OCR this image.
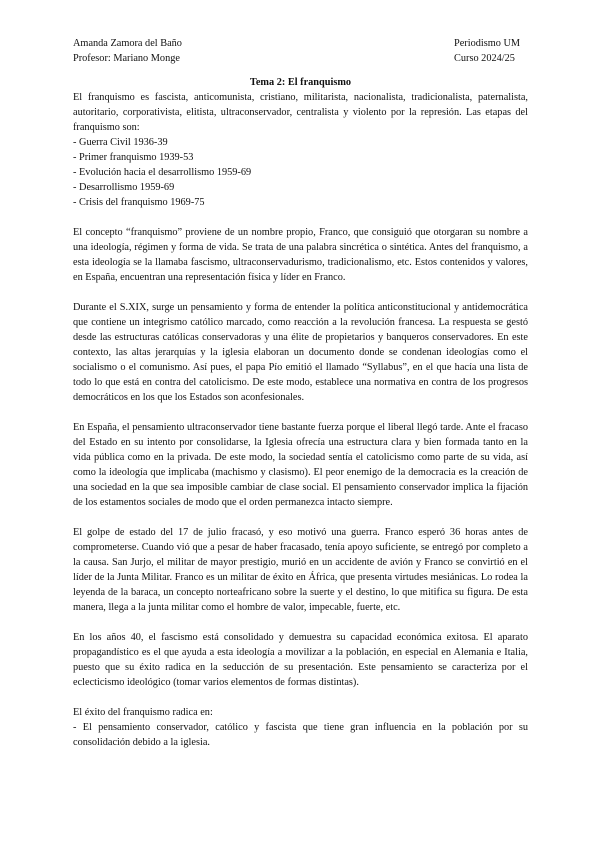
Amanda Zamora del Baño
Profesor: Mariano Monge
Periodismo UM
Curso 2024/25
Tema 2: El franquismo

El franquismo es fascista, anticomunista, cristiano, militarista, nacionalista, tradicionalista, paternalista, autoritario, corporativista, elitista, ultraconservador, centralista y violento por la represión. Las etapas del franquismo son:

- Guerra Civil 1936-39
- Primer franquismo 1939-53
- Evolución hacia el desarrollismo 1959-69
- Desarrollismo 1959-69
- Crisis del franquismo 1969-75

El concepto “franquismo” proviene de un nombre propio, Franco, que consiguió que otorgaran su nombre a una ideología, régimen y forma de vida. Se trata de una palabra sincrética o sintética. Antes del franquismo, a esta ideología se la llamaba fascismo, ultraconservadurismo, tradicionalismo, etc. Estos contenidos y valores, en España, encuentran una representación física y líder en Franco.

Durante el S.XIX, surge un pensamiento y forma de entender la política anticonstitucional y antidemocrática que contiene un integrismo católico marcado, como reacción a la revolución francesa. La respuesta se gestó desde las estructuras católicas conservadoras y una élite de propietarios y banqueros conservadores. En este contexto, las altas jerarquías y la iglesia elaboran un documento donde se condenan ideologías como el socialismo o el comunismo. Así pues, el papa Pío emitió el llamado “Syllabus”, en el que hacía una lista de todo lo que está en contra del catolicismo. De este modo, establece una normativa en contra de los progresos democráticos en los que los Estados son aconfesionales.

En España, el pensamiento ultraconservador tiene bastante fuerza porque el liberal llegó tarde. Ante el fracaso del Estado en su intento por consolidarse, la Iglesia ofrecía una estructura clara y bien formada tanto en la vida pública como en la privada. De este modo, la sociedad sentía el catolicismo como parte de su vida, así como la ideología que implicaba (machismo y clasismo). El peor enemigo de la democracia es la creación de una sociedad en la que sea imposible cambiar de clase social. El pensamiento conservador implica la fijación de los estamentos sociales de modo que el orden permanezca intacto siempre.

El golpe de estado del 17 de julio fracasó, y eso motivó una guerra. Franco esperó 36 horas antes de comprometerse. Cuando vió que a pesar de haber fracasado, tenía apoyo suficiente, se entregó por completo a la causa. San Jurjo, el militar de mayor prestigio, murió en un accidente de avión y Franco se convirtió en el líder de la Junta Militar. Franco es un militar de éxito en África, que presenta virtudes mesiánicas. Lo rodea la leyenda de la baraca, un concepto norteafricano sobre la suerte y el destino, lo que mitifica su figura. De esta manera, llega a la junta militar como el hombre de valor, impecable, fuerte, etc.

En los años 40, el fascismo está consolidado y demuestra su capacidad económica exitosa. El aparato propagandístico es el que ayuda a esta ideología a movilizar a la población, en especial en Alemania e Italia, puesto que su éxito radica en la seducción de su presentación. Este pensamiento se caracteriza por el eclecticismo ideológico (tomar varios elementos de formas distintas).

El éxito del franquismo radica en:

- El pensamiento conservador, católico y fascista que tiene gran influencia en la población por su consolidación debido a la iglesia.
